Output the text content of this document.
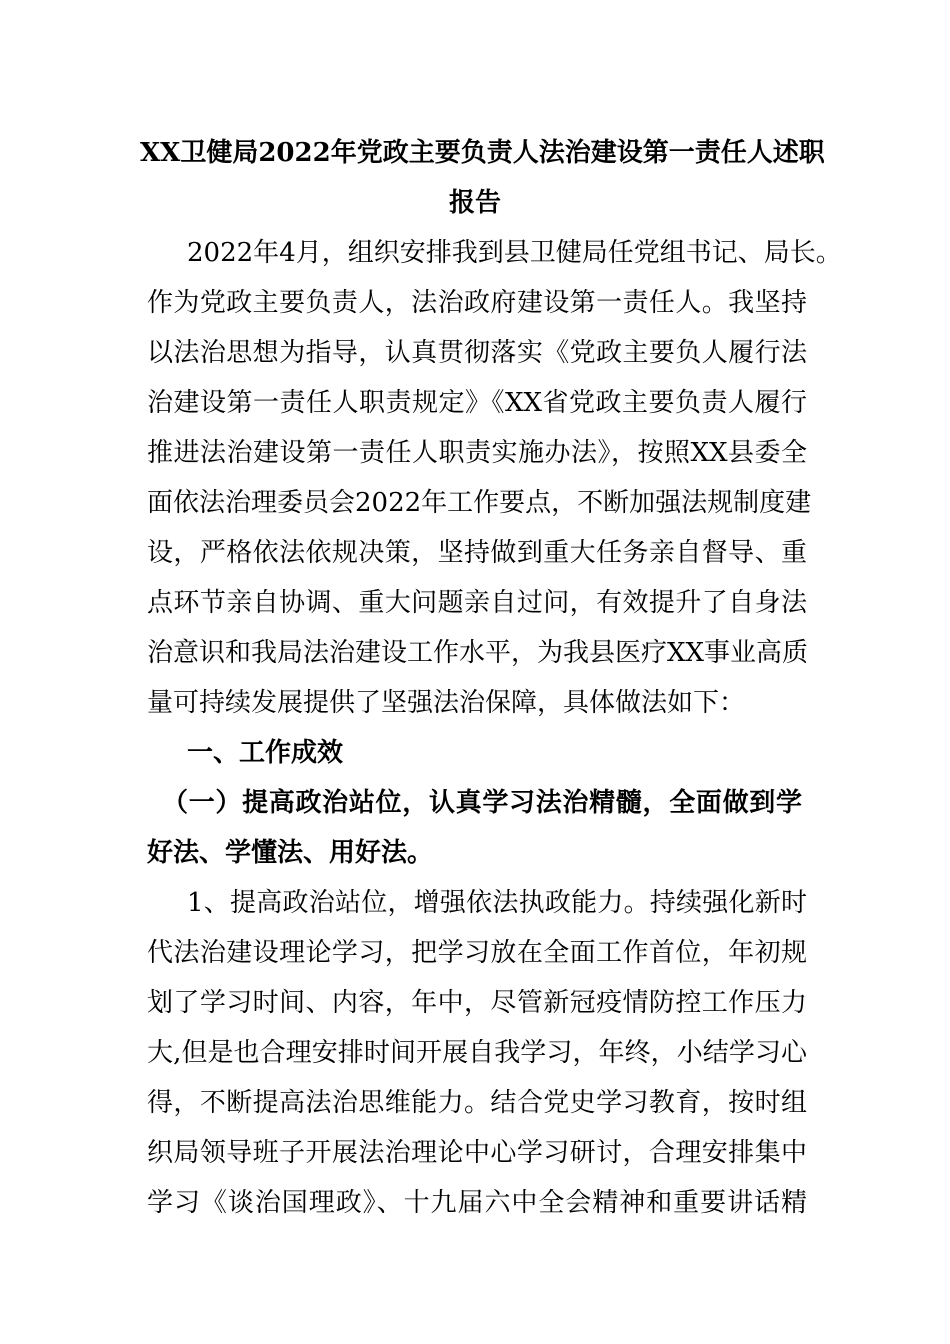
XX卫健局2022年党政主要负责人法治建设第一责任人述职
报告
2022年4月，组织安排我到县卫健局任党组书记、局长。
作为党政主要负责人，法治政府建设第一责任人。我坚持
以法治思想为指导，认真贯彻落实《党政主要负人履行法
治建设第一责任人职责规定》《XX省党政主要负责人履行
推进法治建设第一责任人职责实施办法》，按照XX县委全
面依法治理委员会2022年工作要点，不断加强法规制度建
设，严格依法依规决策，坚持做到重大任务亲自督导、重
点环节亲自协调、重大问题亲自过问，有效提升了自身法
治意识和我局法治建设工作水平，为我县医疗XX事业高质
量可持续发展提供了坚强法治保障，具体做法如下：
一、工作成效
（一）提高政治站位，认真学习法治精髓，全面做到学
好法、学懂法、用好法。
1、提高政治站位，增强依法执政能力。持续强化新时
代法治建设理论学习，把学习放在全面工作首位，年初规
划了学习时间、内容，年中，尽管新冠疫情防控工作压力
大,但是也合理安排时间开展自我学习，年终，小结学习心
得，不断提高法治思维能力。结合党史学习教育，按时组
织局领导班子开展法治理论中心学习研讨，合理安排集中
学习《谈治国理政》、十九届六中全会精神和重要讲话精
